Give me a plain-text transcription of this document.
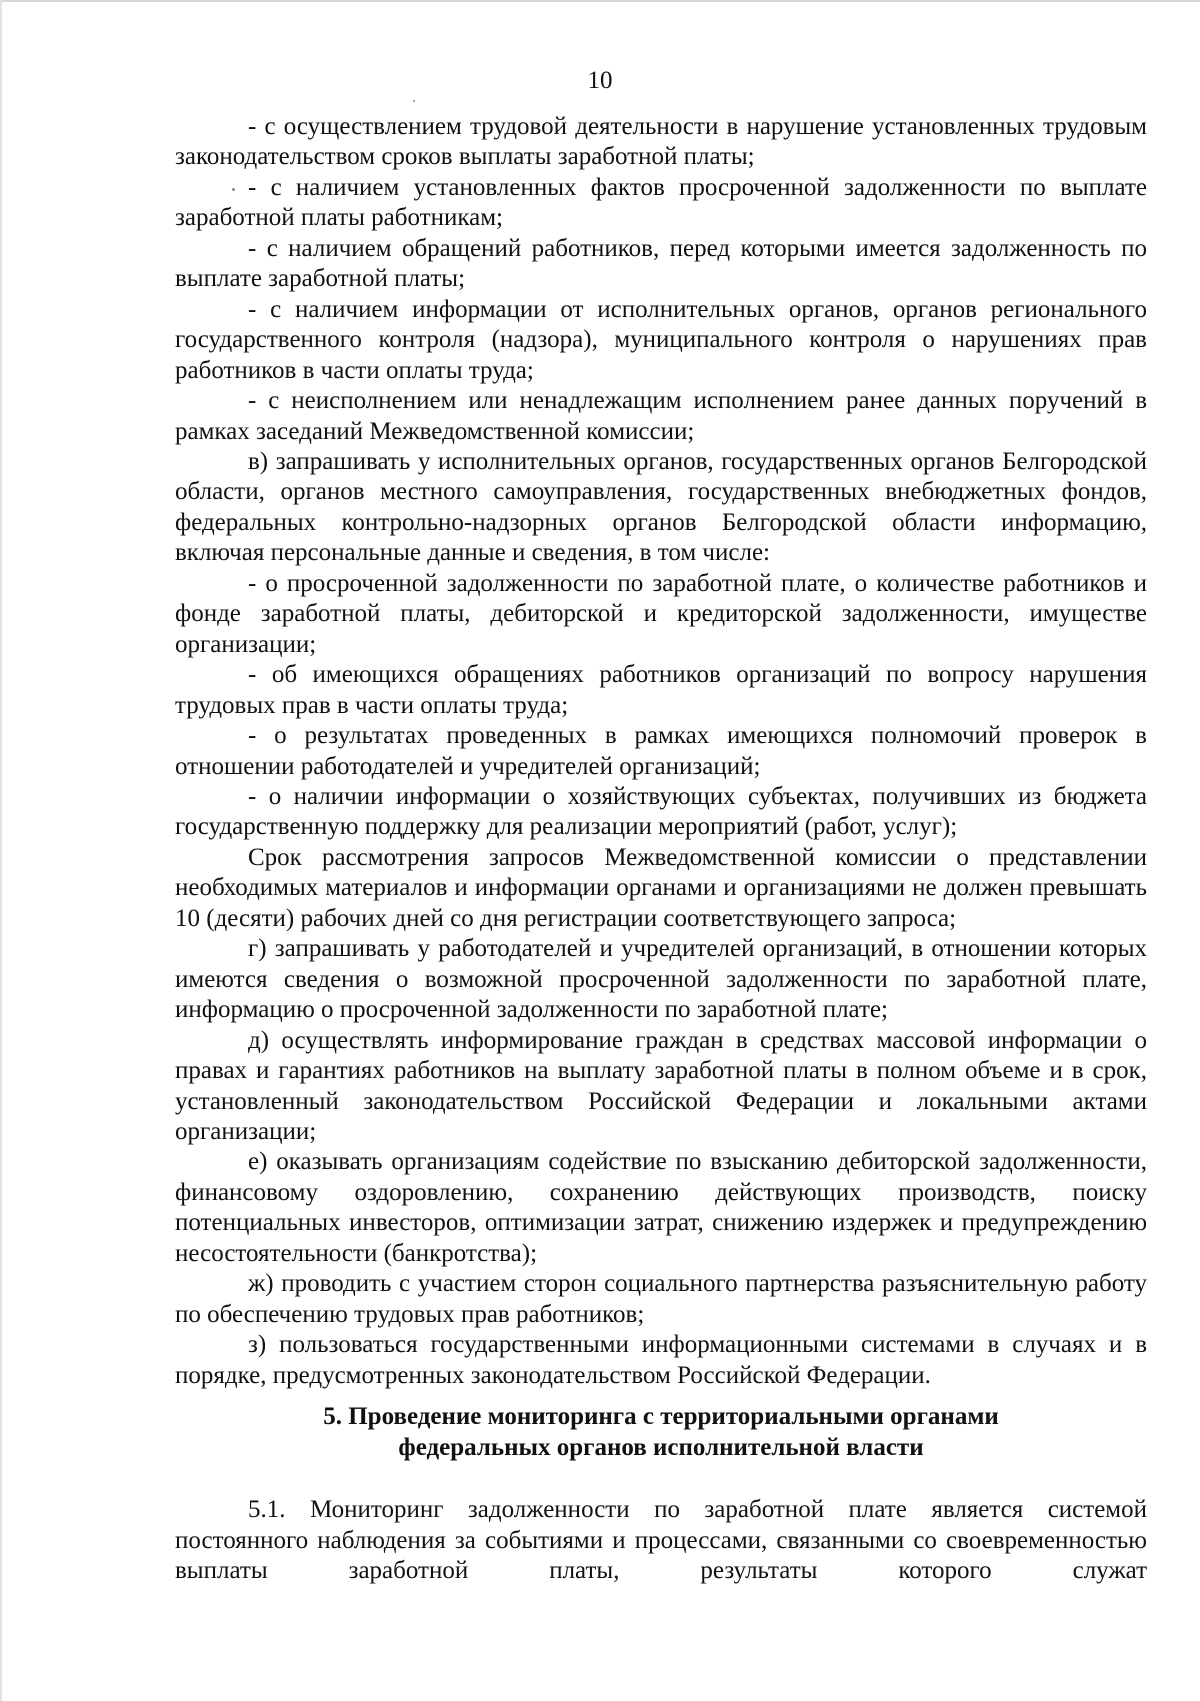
10

- с осуществлением трудовой деятельности в нарушение установленных трудовым законодательством сроков выплаты заработной платы;

- с наличием установленных фактов просроченной задолженности по выплате заработной платы работникам;

- с наличием обращений работников, перед которыми имеется задолженность по выплате заработной платы;

- с наличием информации от исполнительных органов, органов регионального государственного контроля (надзора), муниципального контроля о нарушениях прав работников в части оплаты труда;

- с неисполнением или ненадлежащим исполнением ранее данных поручений в рамках заседаний Межведомственной комиссии;

в) запрашивать у исполнительных органов, государственных органов Белгородской области, органов местного самоуправления, государственных внебюджетных фондов, федеральных контрольно-надзорных органов Белгородской области информацию, включая персональные данные и сведения, в том числе:

- о просроченной задолженности по заработной плате, о количестве работников и фонде заработной платы, дебиторской и кредиторской задолженности, имуществе организации;

- об имеющихся обращениях работников организаций по вопросу нарушения трудовых прав в части оплаты труда;

- о результатах проведенных в рамках имеющихся полномочий проверок в отношении работодателей и учредителей организаций;

- о наличии информации о хозяйствующих субъектах, получивших из бюджета государственную поддержку для реализации мероприятий (работ, услуг);

Срок рассмотрения запросов Межведомственной комиссии о представлении необходимых материалов и информации органами и организациями не должен превышать 10 (десяти) рабочих дней со дня регистрации соответствующего запроса;

г) запрашивать у работодателей и учредителей организаций, в отношении которых имеются сведения о возможной просроченной задолженности по заработной плате, информацию о просроченной задолженности по заработной плате;

д) осуществлять информирование граждан в средствах массовой информации о правах и гарантиях работников на выплату заработной платы в полном объеме и в срок, установленный законодательством Российской Федерации и локальными актами организации;

е) оказывать организациям содействие по взысканию дебиторской задолженности, финансовому оздоровлению, сохранению действующих производств, поиску потенциальных инвесторов, оптимизации затрат, снижению издержек и предупреждению несостоятельности (банкротства);

ж) проводить с участием сторон социального партнерства разъяснительную работу по обеспечению трудовых прав работников;

з) пользоваться государственными информационными системами в случаях и в порядке, предусмотренных законодательством Российской Федерации.

5. Проведение мониторинга с территориальными органами
федеральных органов исполнительной власти

5.1. Мониторинг задолженности по заработной плате является системой постоянного наблюдения за событиями и процессами, связанными со своевременностью выплаты заработной платы, результаты которого служат
